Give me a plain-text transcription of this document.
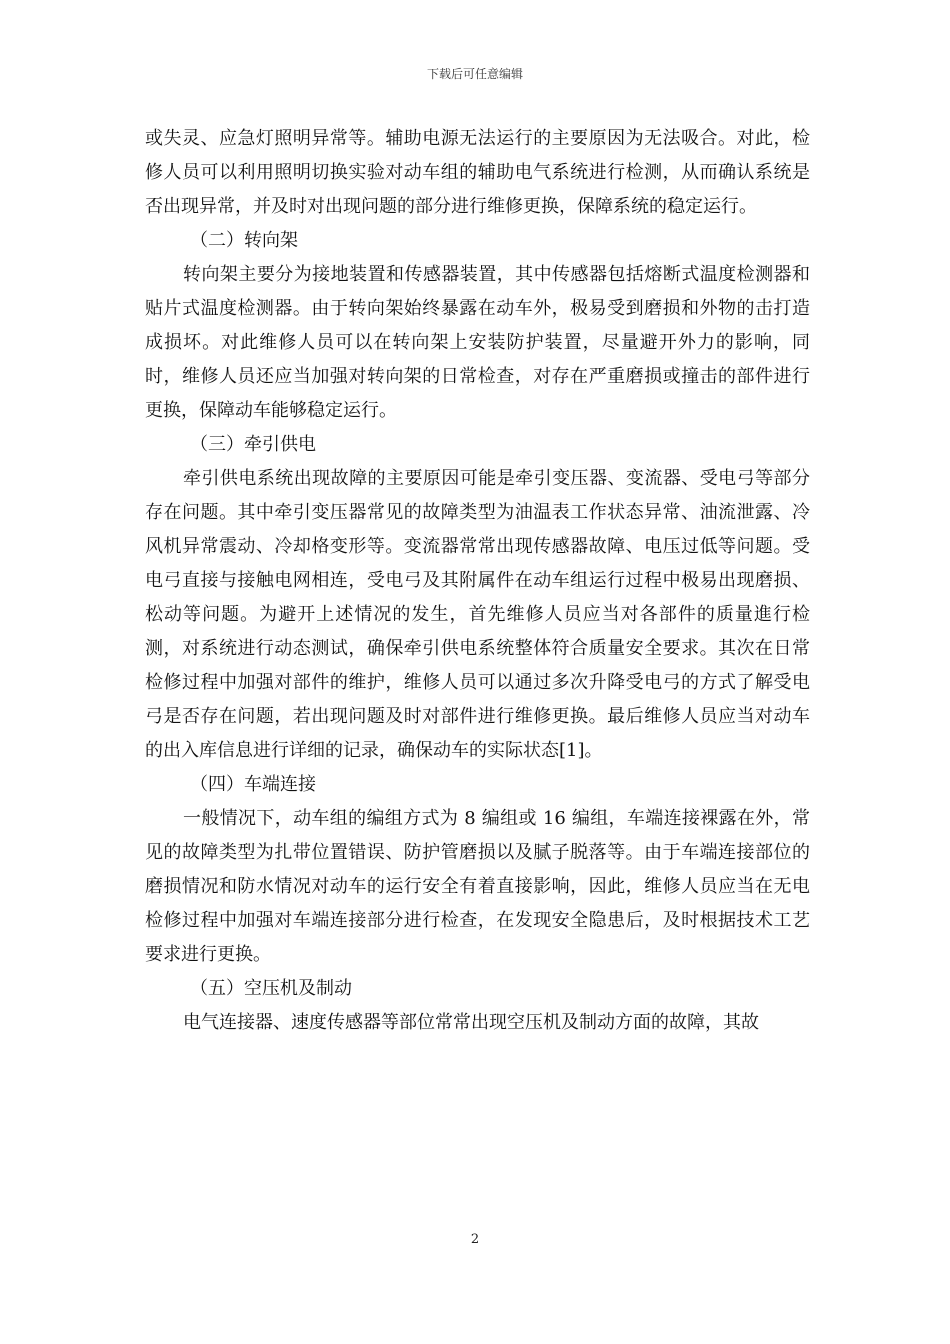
下载后可任意编辑

或失灵、应急灯照明异常等。辅助电源无法运行的主要原因为无法吸合。对此，检修人员可以利用照明切换实验对动车组的辅助电气系统进行检测，从而确认系统是否出现异常，并及时对出现问题的部分进行维修更换，保障系统的稳定运行。

（二）转向架

转向架主要分为接地装置和传感器装置，其中传感器包括熔断式温度检测器和贴片式温度检测器。由于转向架始终暴露在动车外，极易受到磨损和外物的击打造成损坏。对此维修人员可以在转向架上安装防护装置，尽量避开外力的影响，同时，维修人员还应当加强对转向架的日常检查，对存在严重磨损或撞击的部件进行更换，保障动车能够稳定运行。

（三）牵引供电

牵引供电系统出现故障的主要原因可能是牵引变压器、变流器、受电弓等部分存在问题。其中牵引变压器常见的故障类型为油温表工作状态异常、油流泄露、冷风机异常震动、冷却格变形等。变流器常常出现传感器故障、电压过低等问题。受电弓直接与接触电网相连，受电弓及其附属件在动车组运行过程中极易出现磨损、松动等问题。为避开上述情况的发生，首先维修人员应当对各部件的质量進行检测，对系统进行动态测试，确保牵引供电系统整体符合质量安全要求。其次在日常检修过程中加强对部件的维护，维修人员可以通过多次升降受电弓的方式了解受电弓是否存在问题，若出现问题及时对部件进行维修更换。最后维修人员应当对动车的出入库信息进行详细的记录，确保动车的实际状态[1]。

（四）车端连接

一般情况下，动车组的编组方式为 8 编组或 16 编组，车端连接裸露在外，常见的故障类型为扎带位置错误、防护管磨损以及腻子脱落等。由于车端连接部位的磨损情况和防水情况对动车的运行安全有着直接影响，因此，维修人员应当在无电检修过程中加强对车端连接部分进行检查，在发现安全隐患后，及时根据技术工艺要求进行更换。

（五）空压机及制动

电气连接器、速度传感器等部位常常出现空压机及制动方面的故障，其故

2
